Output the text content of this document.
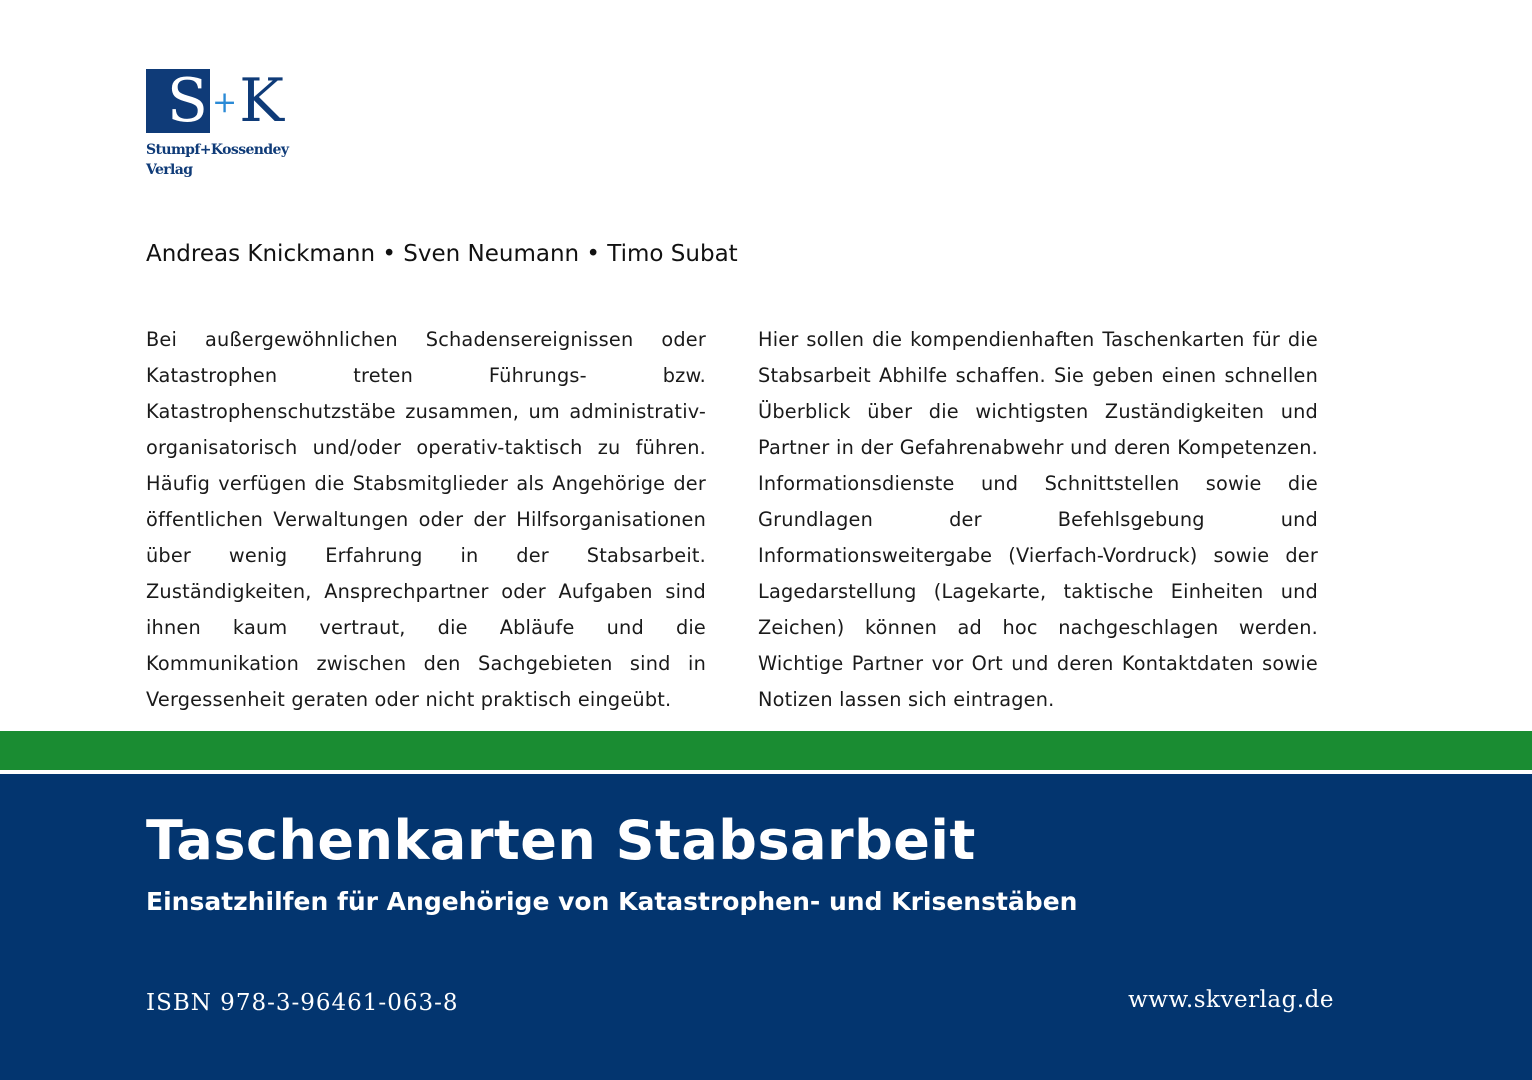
S + K
Stumpf+Kossendey
Verlag
Andreas Knickmann • Sven Neumann • Timo Subat
Bei außergewöhnlichen Schadensereignissen oder Katastrophen treten Führungs- bzw. Katastrophenschutzstäbe zusammen, um administrativ-organisatorisch und/oder operativ-taktisch zu führen. Häufig verfügen die Stabsmitglieder als Angehörige der öffentlichen Verwaltungen oder der Hilfsorganisationen über wenig Erfahrung in der Stabsarbeit. Zuständigkeiten, Ansprechpartner oder Aufgaben sind ihnen kaum vertraut, die Abläufe und die Kommunikation zwischen den Sachgebieten sind in Vergessenheit geraten oder nicht praktisch eingeübt.
Hier sollen die kompendienhaften Taschenkarten für die Stabsarbeit Abhilfe schaffen. Sie geben einen schnellen Überblick über die wichtigsten Zuständigkeiten und Partner in der Gefahrenabwehr und deren Kompetenzen. Informationsdienste und Schnittstellen sowie die Grundlagen der Befehlsgebung und Informationsweitergabe (Vierfach-Vordruck) sowie der Lagedarstellung (Lagekarte, taktische Einheiten und Zeichen) können ad hoc nachgeschlagen werden. Wichtige Partner vor Ort und deren Kontaktdaten sowie Notizen lassen sich eintragen.
Taschenkarten Stabsarbeit
Einsatzhilfen für Angehörige von Katastrophen- und Krisenstäben
ISBN 978-3-96461-063-8	www.skverlag.de
